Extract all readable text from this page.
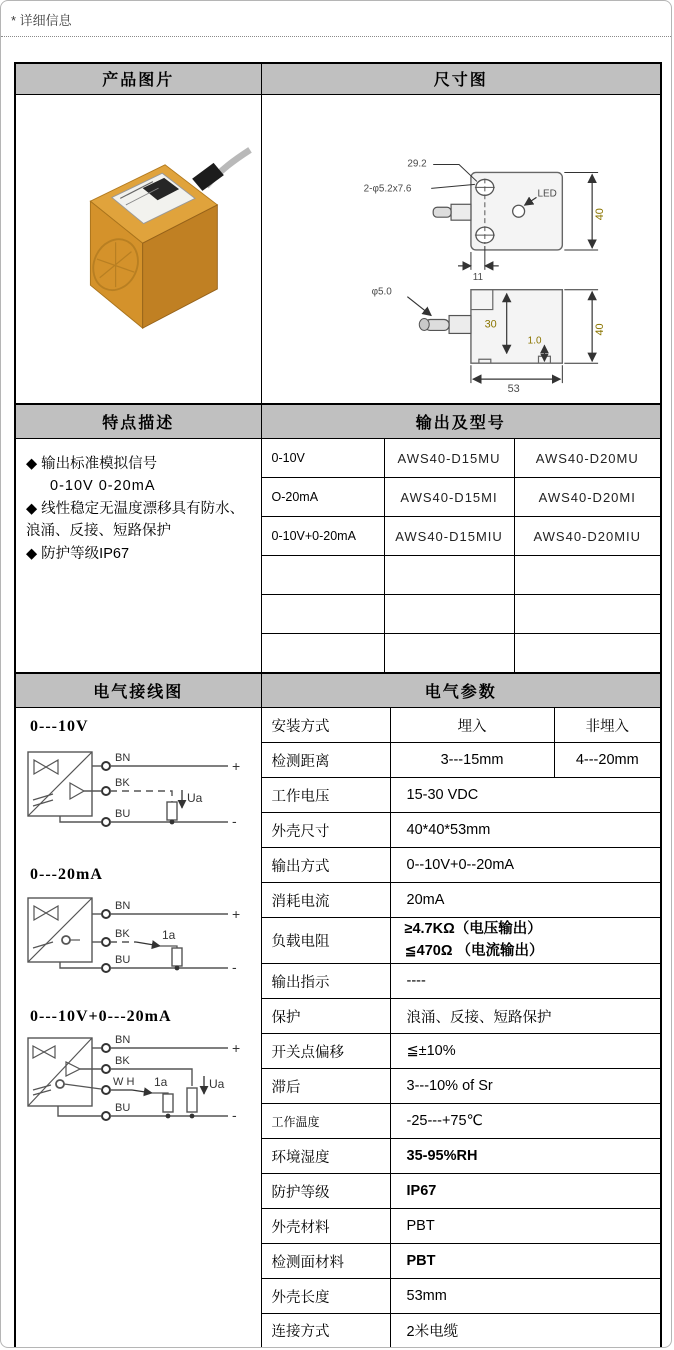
* 详细信息
产品图片	尺寸图

LED
29.2
2-φ5.2x7.6
40
11
φ5.0
30
1.0
53
40
特点描述	输出及型号		

◆ 输出标准模拟信号
0-10V 0-20mA
◆ 线性稳定无温度漂移具有防水、浪涌、反接、短路保护
◆ 防护等级IP67	0-10V	AWS40-D15MU	AWS40-D20MU
	O-20mA	AWS40-D15MI	AWS40-D20MI
	0-10V+0-20mA	AWS40-D15MIU	AWS40-D20MIU

电气接线图	电气参数		

0---10V
BN
BK
BU
Ua
+
-
0---20mA
BN
BK
BU
1a
+
-
0---10V+0---20mA
BN
BK
W H
BU
1a	Ua
+
-
	安装方式	埋入	非埋入
	检测距离	3---15mm	4---20mm
	工作电压	15-30 VDC	
	外壳尺寸	40*40*53mm	
	输出方式	0--10V+0--20mA	
	消耗电流	20mA	
	负载电阻	≥4.7KΩ（电压输出）
≦470Ω （电流输出）	

	输出指示	----	
	保护	浪涌、反接、短路保护	
	开关点偏移	≦±10%	
	滞后	3---10% of Sr	
	工作温度	-25---+75℃	
	环境湿度	35-95%RH	
	防护等级	IP67	
	外壳材料	PBT	
	检测面材料	PBT	
	外壳长度	53mm	
	连接方式	2米电缆	
